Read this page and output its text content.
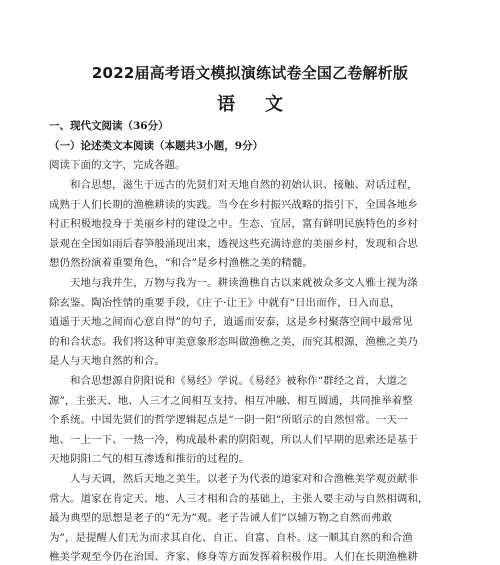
2022届高考语文模拟演练试卷全国乙卷解析版
语文
一、现代文阅读（36分）
（一）论述类文本阅读（本题共3小题，9分）
阅读下面的文字，完成各题。
和合思想，滋生于远古的先贤们对天地自然的初始认识、接触、对话过程，
成熟于人们长期的渔樵耕读的实践。当今在乡村振兴战略的指引下，全国各地乡
村正积极地投身于美丽乡村的建设之中。生态、宜居，富有鲜明民族特色的乡村
景观在全国如雨后春笋般涌现出来，透视这些充满诗意的美丽乡村，发现和合思
想仍然扮演着重要角色，“和合”是乡村渔樵之美的精髓。
天地与我并生，万物与我为一。耕读渔樵自古以来就被众多文人雅士视为涤
除玄鉴、陶冶性情的重要手段，《庄子·让王》中就有“日出而作，日入而息，
逍遥于天地之间而心意自得”的句子，逍遥而安泰，这是乡村聚落空间中最常见
的和合状态。我们将这种审美意象形态叫做渔樵之美，而究其根源，渔樵之美乃
是人与天地自然的和合。
和合思想源自阴阳说和《易经》学说。《易经》被称作“群经之首，大道之
源”，主张天、地、人三才之间相互支持、相互冲融、相互圆通，共同推举着整
个系统。中国先贤们的哲学逻辑起点是“一阴一阳”所昭示的自然恒常。一天一
地、一上一下、一热一冷，构成最朴素的阴阳观，所以人们早期的思索还是基于
天地阴阳二气的相互渗透和推衍的过程的。
人与天调，然后天地之美生。以老子为代表的道家对和合渔樵美学观贡献非
常大。道家在肯定天、地、人三才相和合的基础上，主张人要主动与自然相调和，
最为典型的思想是老子的“无为”观。老子告诫人们“以辅万物之自然而弗敢
为”，是提醒人们无为而求其自化、自正、自富、自朴。这一顺其自然的和合渔
樵美学观至今仍在治国、齐家、修身等方面发挥着积极作用。人们在长期渔樵耕
